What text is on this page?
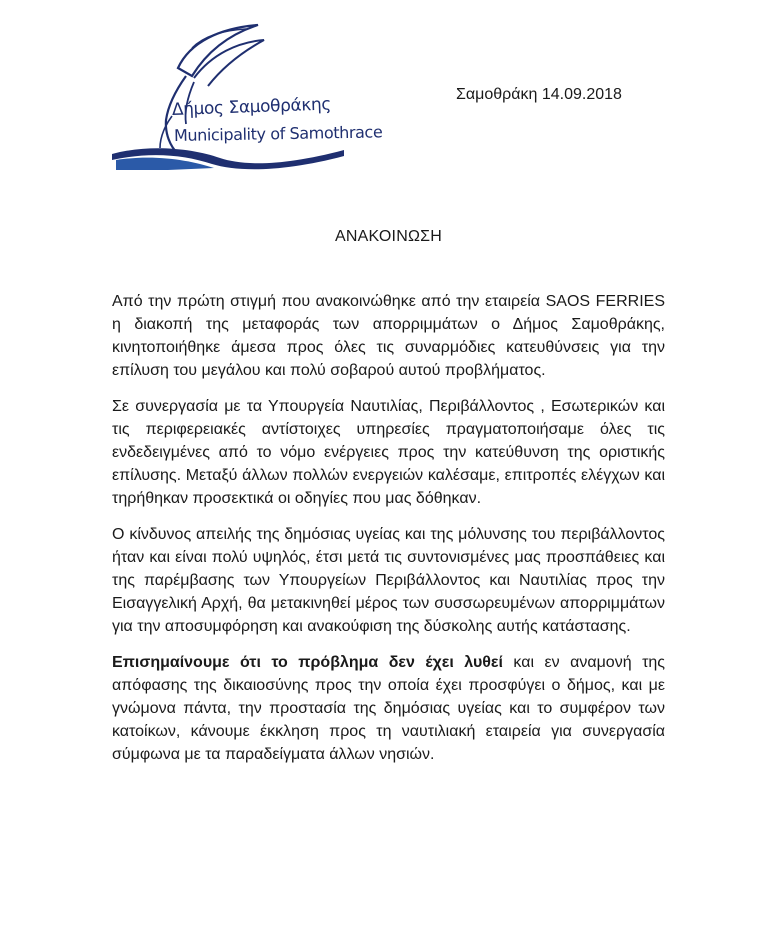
Δήμος Σαμοθράκης
Municipality of Samothrace
Σαμοθράκη 14.09.2018
ΑΝΑΚΟΙΝΩΣΗ

Από την πρώτη στιγμή που ανακοινώθηκε από την εταιρεία SAOS FERRIES η διακοπή της μεταφοράς των απορριμμάτων ο Δήμος Σαμοθράκης, κινητοποιήθηκε άμεσα προς όλες τις συναρμόδιες κατευθύνσεις για την επίλυση του μεγάλου και πολύ σοβαρού αυτού προβλήματος.

Σε συνεργασία με τα Υπουργεία Ναυτιλίας, Περιβάλλοντος , Εσωτερικών και τις περιφερειακές αντίστοιχες υπηρεσίες πραγματοποιήσαμε όλες τις ενδεδειγμένες από το νόμο ενέργειες προς την κατεύθυνση της οριστικής επίλυσης. Μεταξύ άλλων πολλών ενεργειών καλέσαμε, επιτροπές ελέγχων και τηρήθηκαν προσεκτικά οι οδηγίες που μας δόθηκαν.

Ο κίνδυνος απειλής της δημόσιας υγείας και της μόλυνσης του περιβάλλοντος ήταν και είναι πολύ υψηλός, έτσι μετά τις συντονισμένες μας προσπάθειες και της παρέμβασης των Υπουργείων Περιβάλλοντος και Ναυτιλίας προς την Εισαγγελική Αρχή, θα μετακινηθεί μέρος των συσσωρευμένων απορριμμάτων για την αποσυμφόρηση και ανακούφιση της δύσκολης αυτής κατάστασης.

Επισημαίνουμε ότι το πρόβλημα δεν έχει λυθεί και εν αναμονή της απόφασης της δικαιοσύνης προς την οποία έχει προσφύγει ο δήμος, και με γνώμονα πάντα, την προστασία της δημόσιας υγείας και το συμφέρον των κατοίκων, κάνουμε έκκληση προς τη ναυτιλιακή εταιρεία για συνεργασία σύμφωνα με τα παραδείγματα άλλων νησιών.
